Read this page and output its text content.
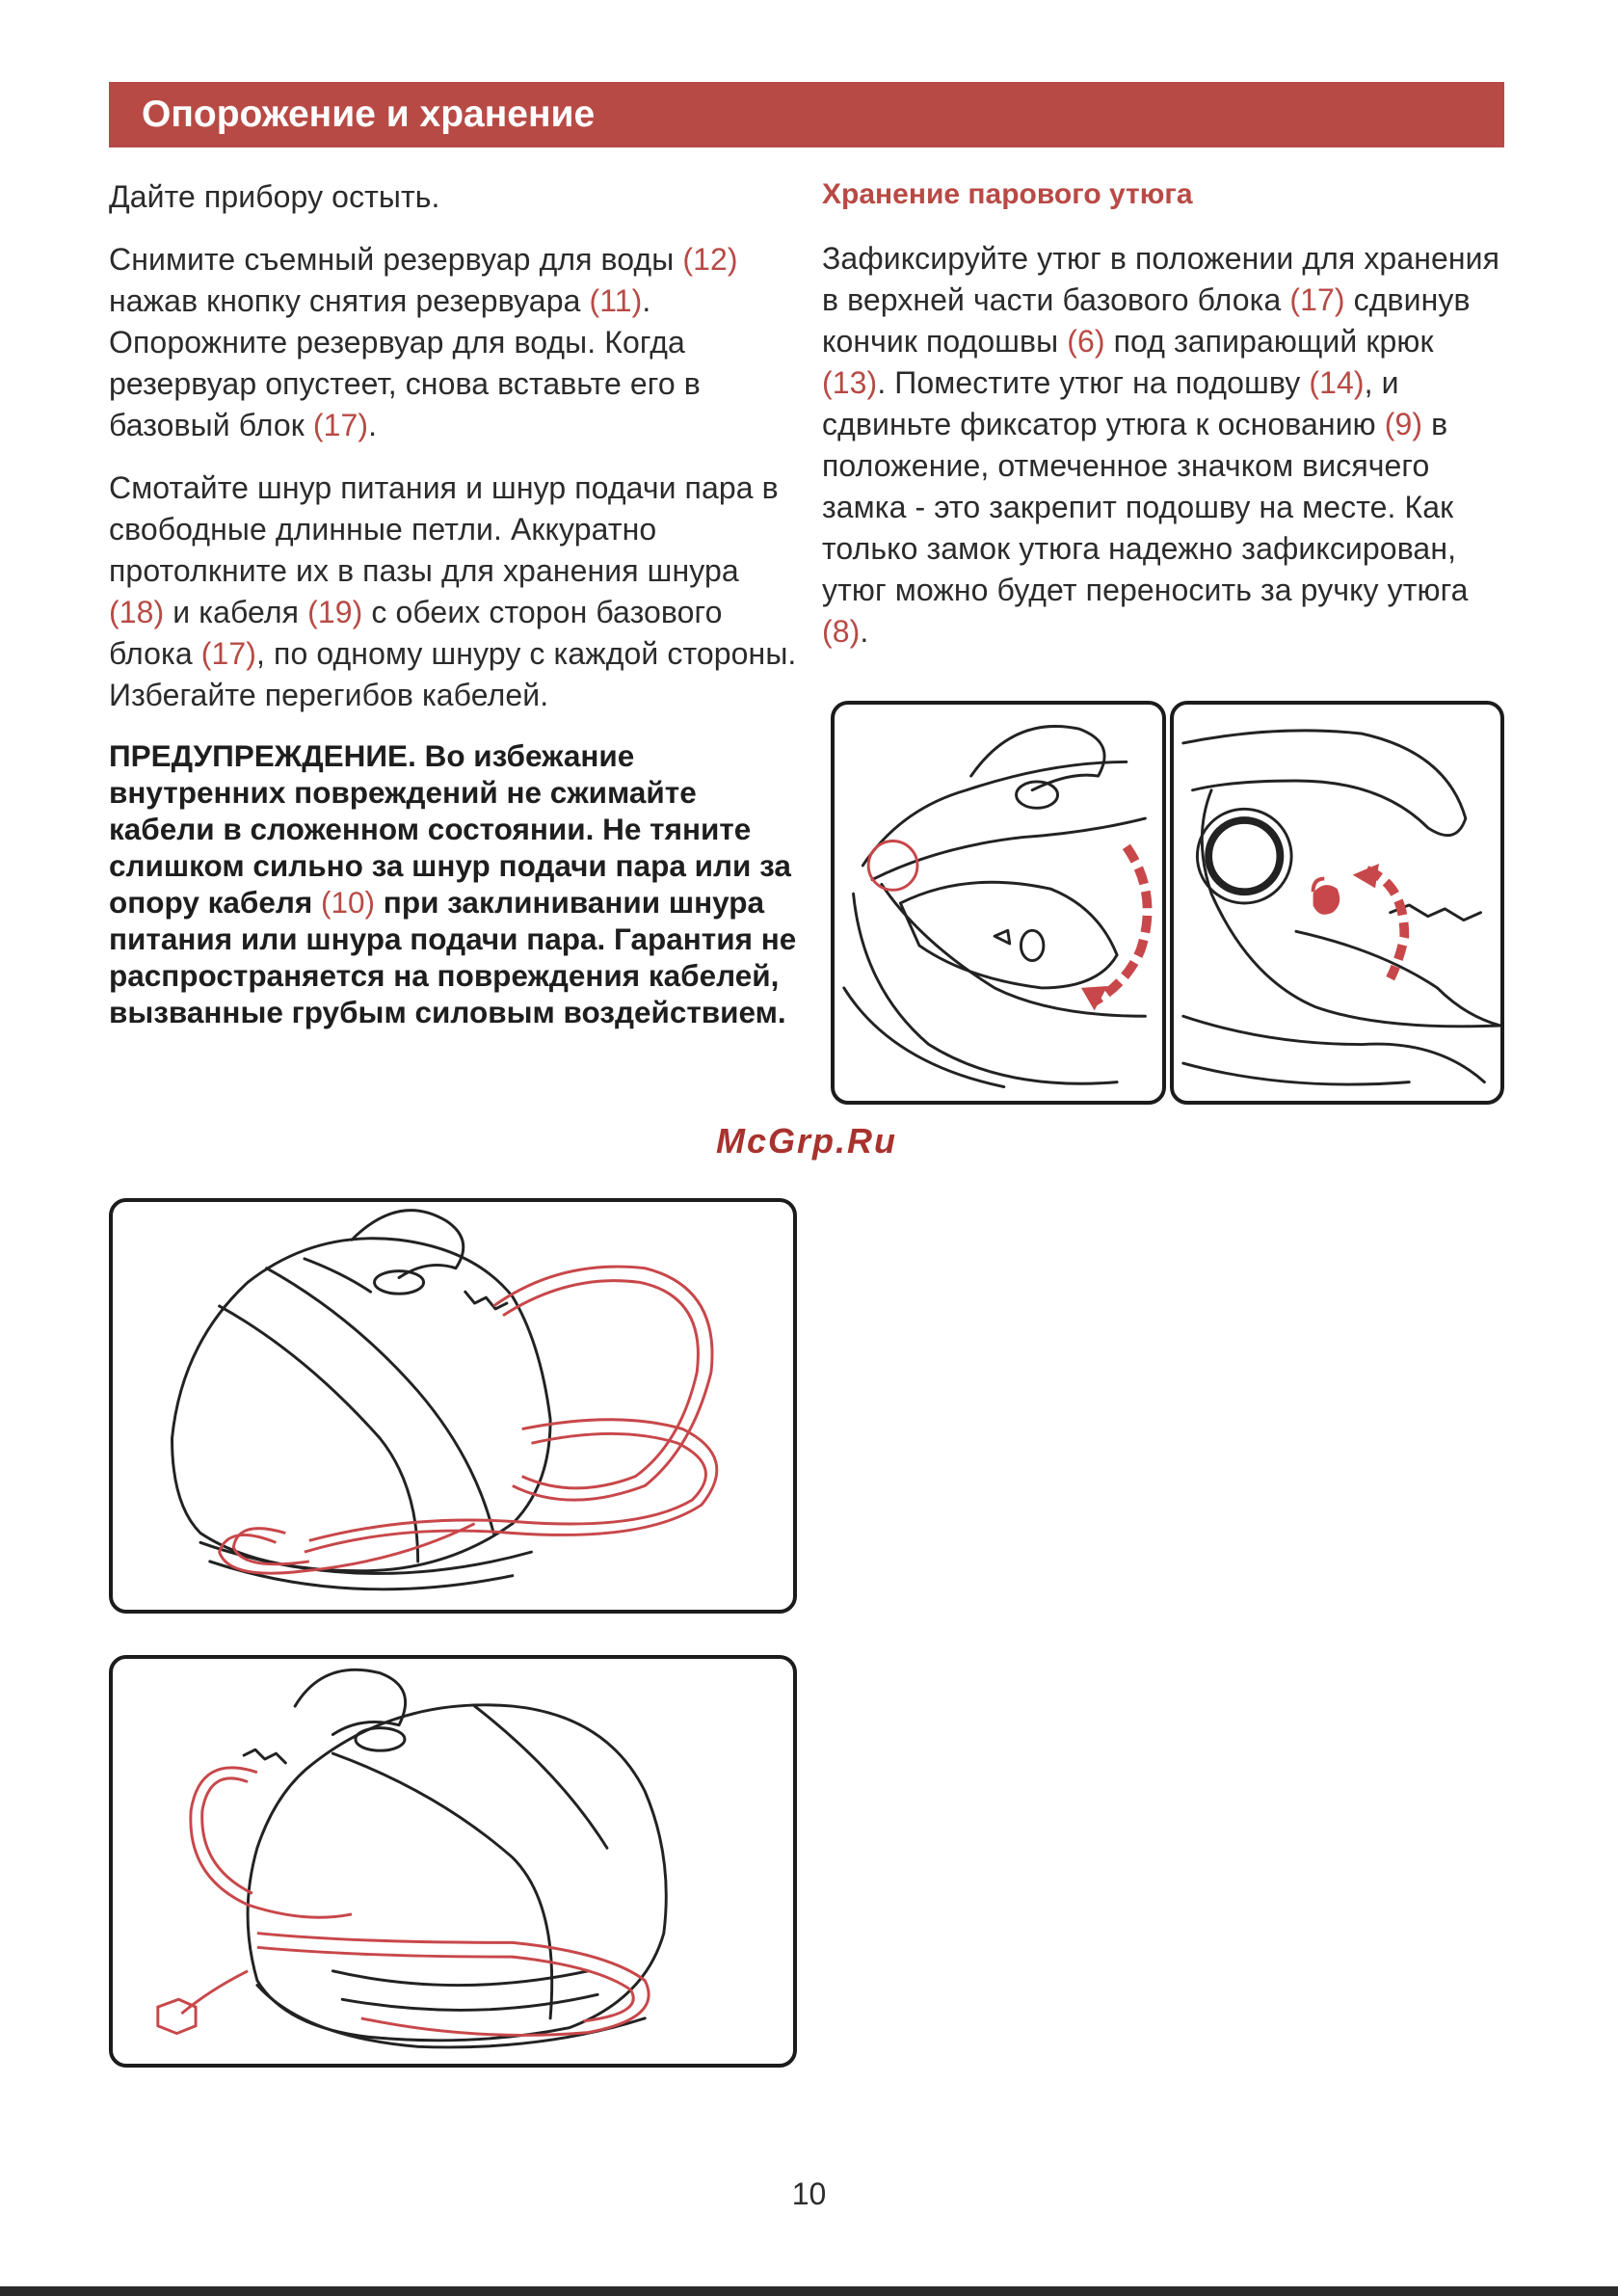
Опорожение и хранение

Дайте прибору остыть.

Снимите съемный резервуар для воды (12) нажав кнопку снятия резервуара (11). Опорожните резервуар для воды. Когда резервуар опустеет, снова вставьте его в базовый блок (17).

Смотайте шнур питания и шнур подачи пара в свободные длинные петли. Аккуратно протолкните их в пазы для хранения шнура (18) и кабеля (19) с обеих сторон базового блока (17), по одному шнуру с каждой стороны. Избегайте перегибов кабелей.

ПРЕДУПРЕЖДЕНИЕ. Во избежание внутренних повреждений не сжимайте кабели в сложенном состоянии. Не тяните слишком сильно за шнур подачи пара или за опору кабеля (10) при заклинивании шнура питания или шнура подачи пара. Гарантия не распространяется на повреждения кабелей, вызванные грубым силовым воздействием.

Хранение парового утюга

Зафиксируйте утюг в положении для хранения в верхней части базового блока (17) сдвинув кончик подошвы (6) под запирающий крюк (13). Поместите утюг на подошву (14), и сдвиньте фиксатор утюга к основанию (9) в положение, отмеченное значком висячего замка - это закрепит подошву на месте. Как только замок утюга надежно зафиксирован, утюг можно будет переносить за ручку утюга (8).

McGrp.Ru
10
